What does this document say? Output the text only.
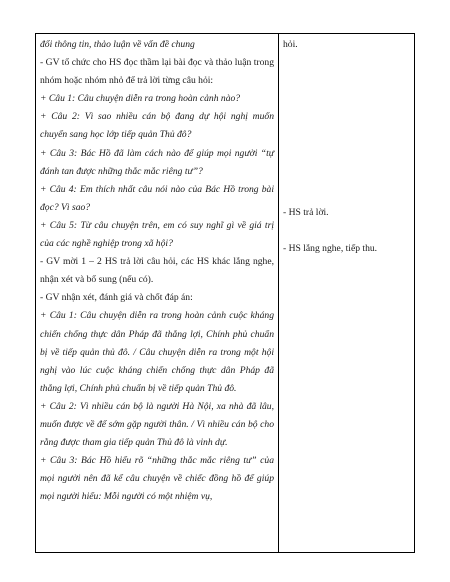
đổi thông tin, thảo luận về vấn đề chung

- GV tổ chức cho HS đọc thầm lại bài đọc và thảo luận trong nhóm hoặc nhóm nhỏ để trả lời từng câu hỏi:

+ Câu 1: Câu chuyện diễn ra trong hoàn cảnh nào?

+ Câu 2: Vì sao nhiều cán bộ đang dự hội nghị muốn chuyển sang học lớp tiếp quản Thủ đô?

+ Câu 3: Bác Hồ đã làm cách nào để giúp mọi người “tự đánh tan được những thắc mắc riêng tư”?

+ Câu 4: Em thích nhất câu nói nào của Bác Hồ trong bài đọc? Vì sao?

+ Câu 5: Từ câu chuyện trên, em có suy nghĩ gì về giá trị của các nghề nghiệp trong xã hội?

- GV mời 1 – 2 HS trả lời câu hỏi, các HS khác lắng nghe, nhận xét và bổ sung (nếu có).

- GV nhận xét, đánh giá và chốt đáp án:

+ Câu 1: Câu chuyện diễn ra trong hoàn cảnh cuộc kháng chiến chống thực dân Pháp đã thắng lợi, Chính phủ chuẩn bị về tiếp quản thủ đô. / Câu chuyện diễn ra trong một hội nghị vào lúc cuộc kháng chiến chống thực dân Pháp đã thắng lợi, Chính phủ chuẩn bị về tiếp quản Thủ đô.

+ Câu 2: Vì nhiều cán bộ là người Hà Nội, xa nhà đã lâu, muốn được về để sớm gặp người thân. / Vì nhiều cán bộ cho rằng được tham gia tiếp quản Thủ đô là vinh dự.

+ Câu 3: Bác Hồ hiểu rõ “những thắc mắc riêng tư” của mọi người nên đã kể câu chuyện về chiếc đồng hồ để giúp mọi người hiểu: Mỗi người có một nhiệm vụ,

hỏi.

- HS trả lời.

- HS lắng nghe, tiếp thu.
